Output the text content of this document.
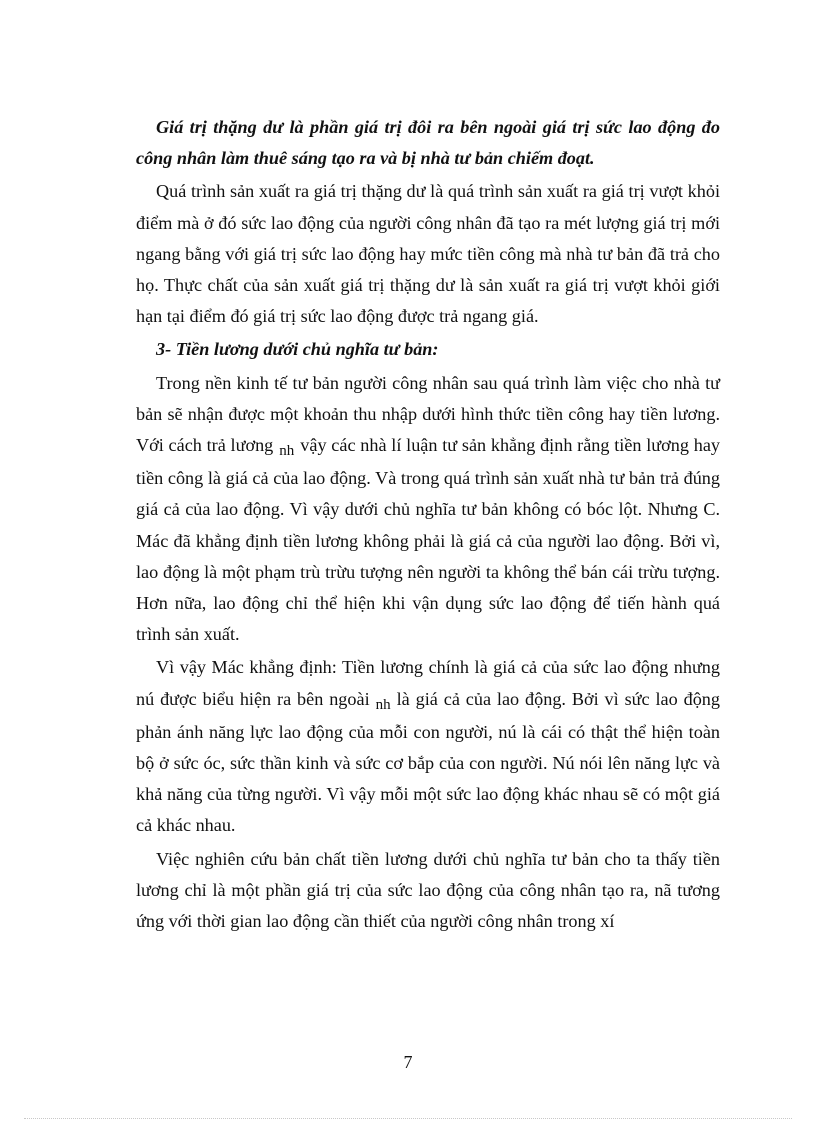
Giá trị thặng dư là phần giá trị đôi ra bên ngoài giá trị sức lao động đo công nhân làm thuê sáng tạo ra và bị nhà tư bản chiếm đoạt.

Quá trình sản xuất ra giá trị thặng dư là quá trình sản xuất ra giá trị vượt khỏi điểm mà ở đó sức lao động của người công nhân đã tạo ra mét lượng giá trị mới ngang bằng với giá trị sức lao động hay mức tiền công mà nhà tư bản đã trả cho họ. Thực chất của sản xuất giá trị thặng dư là sản xuất ra giá trị vượt khỏi giới hạn tại điểm đó giá trị sức lao động được trả ngang giá.

3- Tiền lương dưới chủ nghĩa tư bản:

Trong nền kinh tế tư bản người công nhân sau quá trình làm việc cho nhà tư bản sẽ nhận được một khoản thu nhập dưới hình thức tiền công hay tiền lương. Với cách trả lương $_{nh}$ vậy các nhà lí luận tư sản khẳng định rằng tiền lương hay tiền công là giá cả của lao động. Và trong quá trình sản xuất nhà tư bản trả đúng giá cả của lao động. Vì vậy dưới chủ nghĩa tư bản không có bóc lột. Nhưng C. Mác đã khẳng định tiền lương không phải là giá cả của người lao động. Bởi vì, lao động là một phạm trù trừu tượng nên người ta không thể bán cái trừu tượng. Hơn nữa, lao động chỉ thể hiện khi vận dụng sức lao động để tiến hành quá trình sản xuất.

Vì vậy Mác khẳng định: Tiền lương chính là giá cả của sức lao động nhưng nú được biểu hiện ra bên ngoài $_{nh}$ là giá cả của lao động. Bởi vì sức lao động phản ánh năng lực lao động của mỗi con người, nú là cái có thật thể hiện toàn bộ ở sức óc, sức thần kinh và sức cơ bắp của con người. Nú nói lên năng lực và khả năng của từng người. Vì vậy mỗi một sức lao động khác nhau sẽ có một giá cả khác nhau.

Việc nghiên cứu bản chất tiền lương dưới chủ nghĩa tư bản cho ta thấy tiền lương chỉ là một phần giá trị của sức lao động của công nhân tạo ra, nã tương ứng với thời gian lao động cần thiết của người công nhân trong xí

7
